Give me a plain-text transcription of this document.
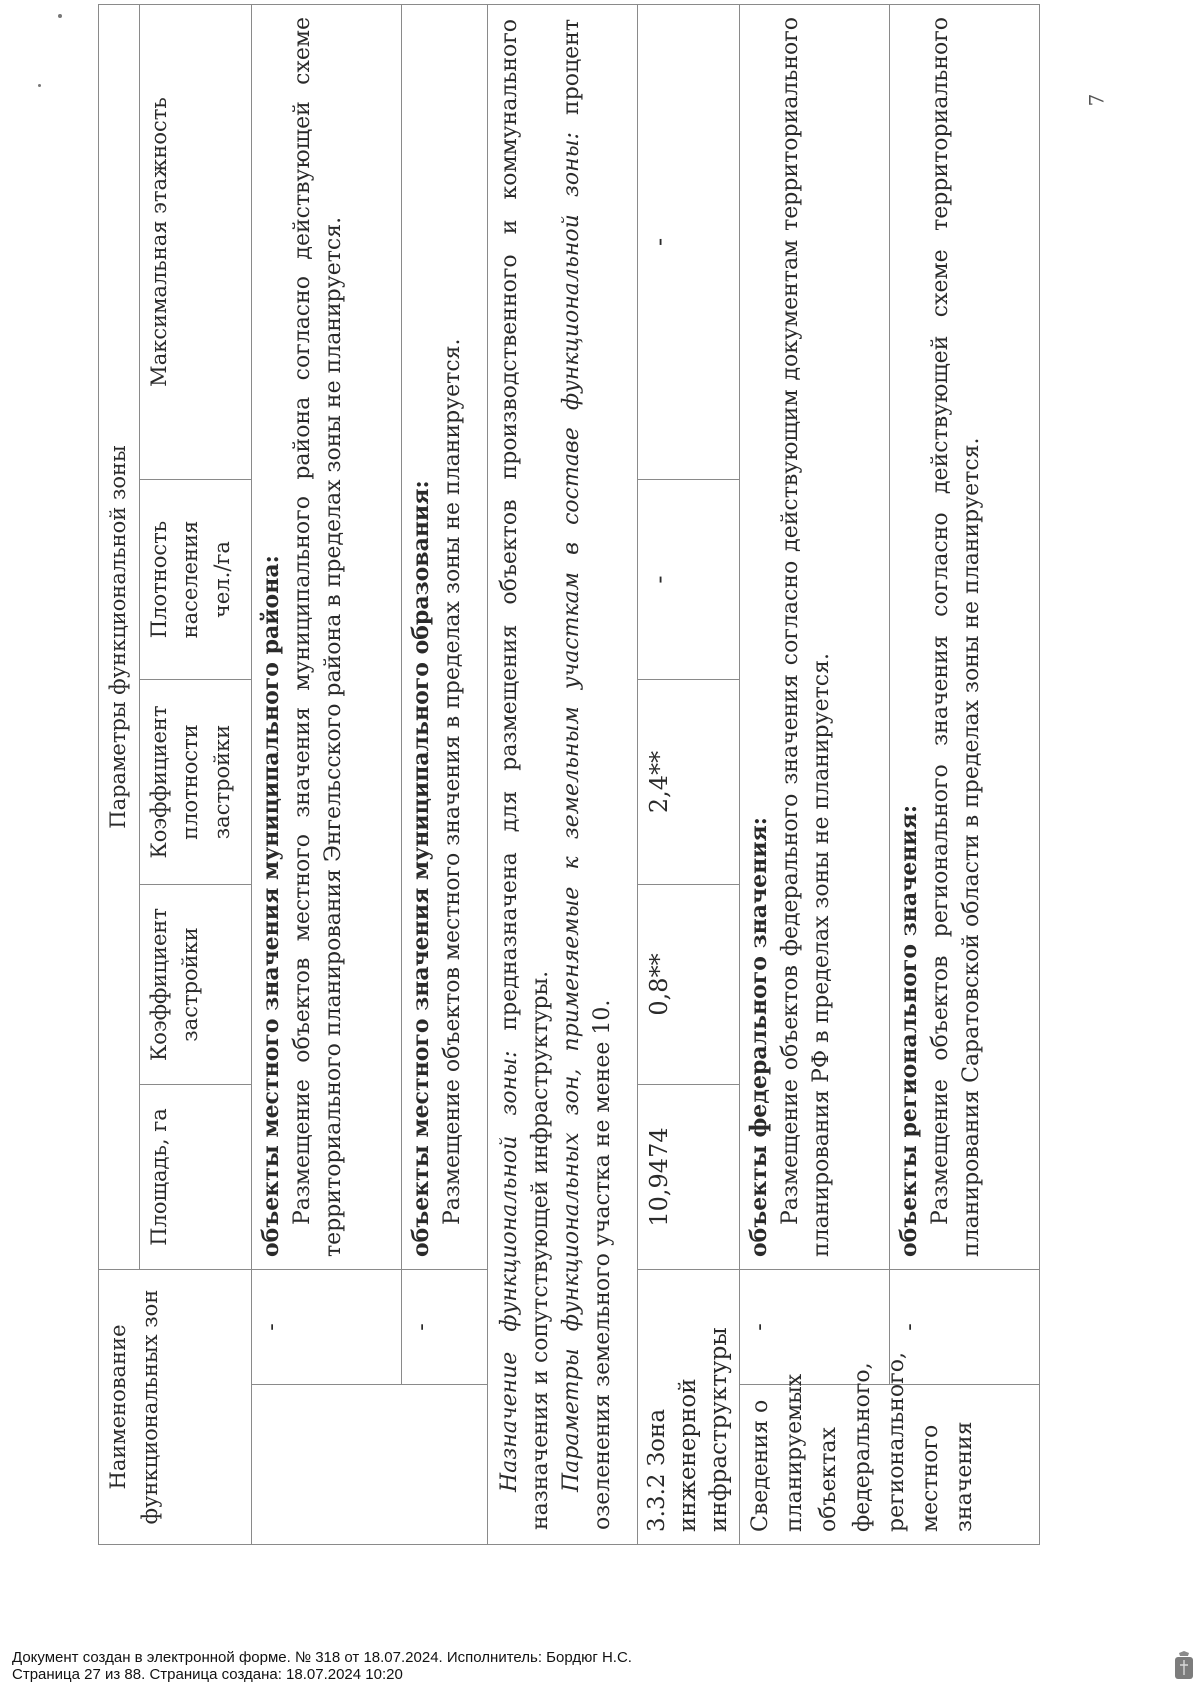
Наименование функциональных зон		Параметры функциональной зоны				
		Площадь, га	Коэффициент застройки	Коэффициент плотности застройки	Плотность населения чел./га	Максимальная этажность
	-	объекты местного значения муниципального района: Размещение объектов местного значения муниципального района согласно действующей схеме территориального планирования Энгельсского района в пределах зоны не планируется.				

	-	объекты местного значения муниципального образования: Размещение объектов местного значения в пределах зоны не планируется.				

Назначение функциональной зоны: предназначена для размещения объектов производственного и коммунального назначения и сопутствующей инфраструктуры. Параметры функциональных зон, применяемые к земельным участкам в составе функциональной зоны: процент озеленения земельного участка не менее 10.						

3.3.2 Зона инженерной инфраструктуры		10,9474	0,8**	2,4**	-	-
Сведения о планируемых объектах федерального, регионального, местного значения	-	объекты федерального значения: Размещение объектов федерального значения согласно действующим документам территориального планирования РФ в пределах зоны не планируется.				

	-	объекты регионального значения: Размещение объектов регионального значения согласно действующей схеме территориального планирования Саратовской области в пределах зоны не планируется.				
7
Документ создан в электронной форме. № 318 от 18.07.2024. Исполнитель: Бордюг Н.С.
Страница 27 из 88. Страница создана: 18.07.2024 10:20
